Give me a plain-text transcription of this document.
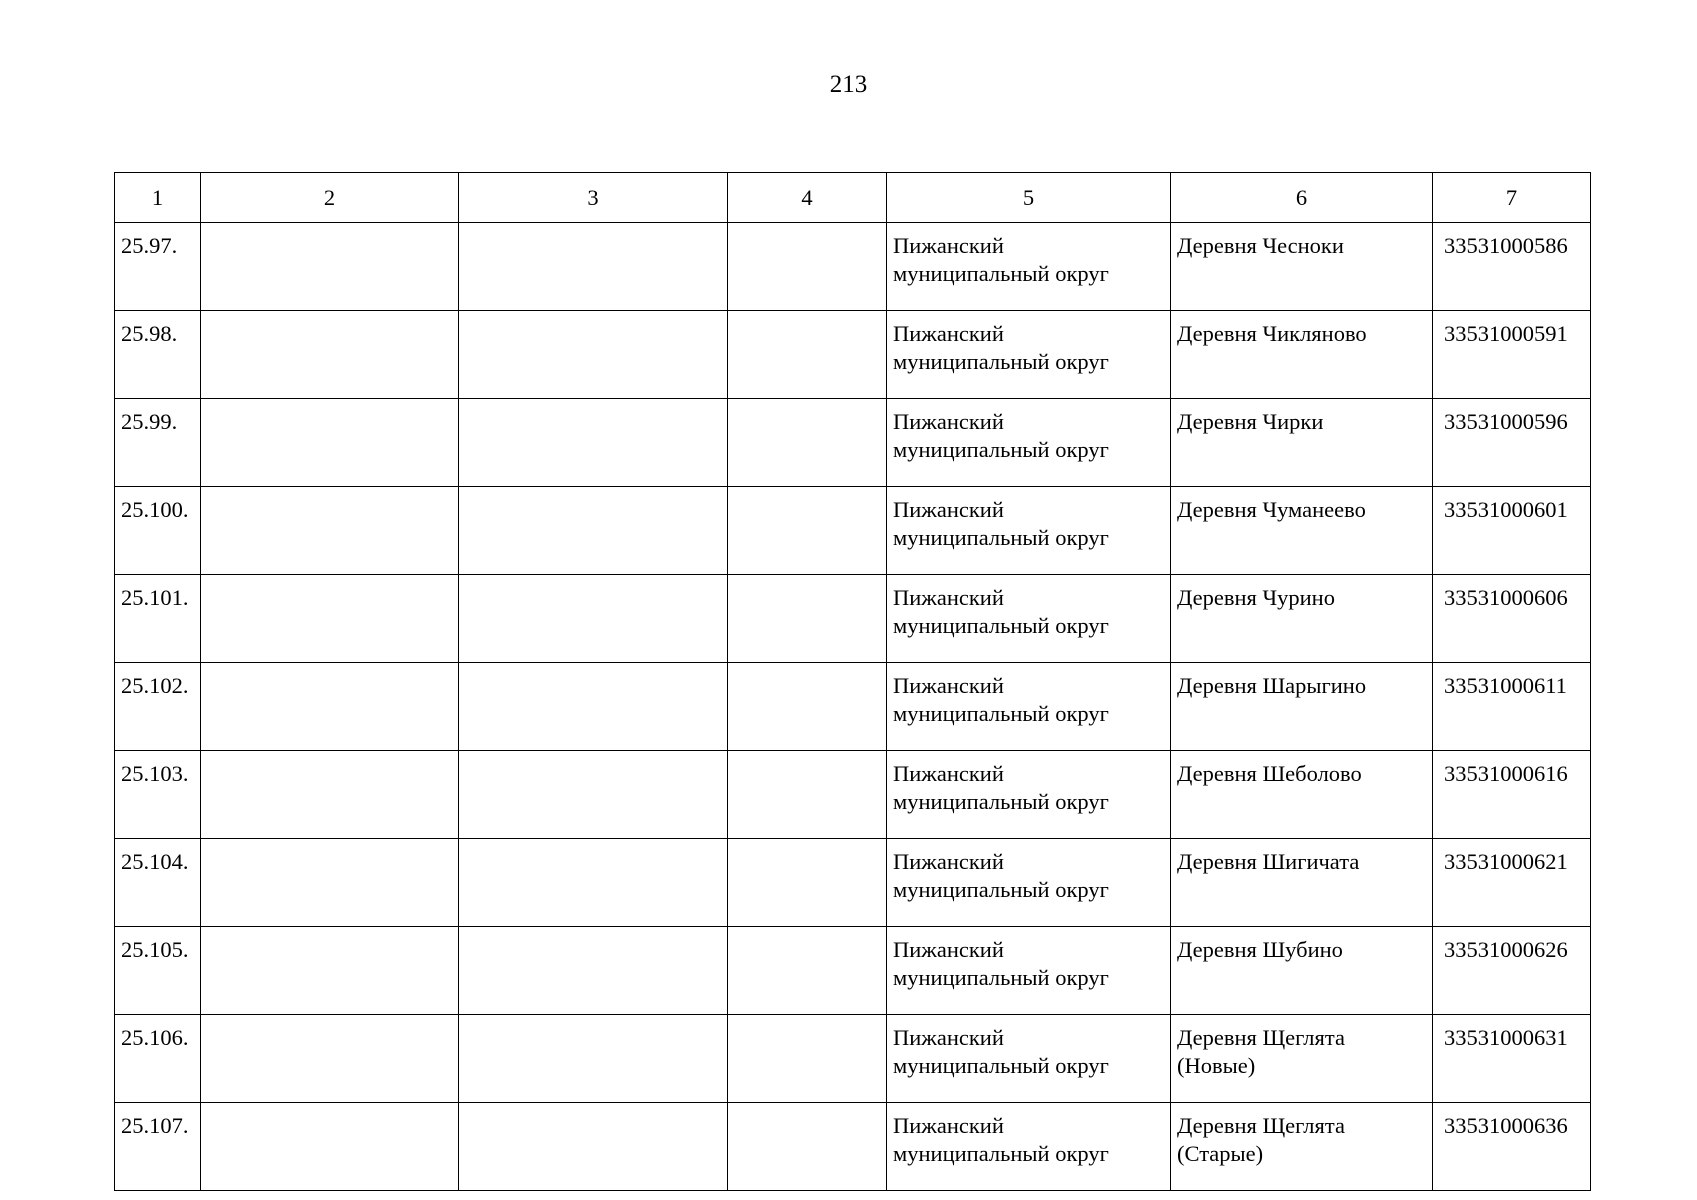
213
1	2	3	4	5	6	7
25.97.				Пижанский муниципальный округ	Деревня Чесноки	33531000586
25.98.				Пижанский муниципальный округ	Деревня Чикляново	33531000591
25.99.				Пижанский муниципальный округ	Деревня Чирки	33531000596
25.100.				Пижанский муниципальный округ	Деревня Чуманеево	33531000601
25.101.				Пижанский муниципальный округ	Деревня Чурино	33531000606
25.102.				Пижанский муниципальный округ	Деревня Шарыгино	33531000611
25.103.				Пижанский муниципальный округ	Деревня Шеболово	33531000616
25.104.				Пижанский муниципальный округ	Деревня Шигичата	33531000621
25.105.				Пижанский муниципальный округ	Деревня Шубино	33531000626
25.106.				Пижанский муниципальный округ	Деревня Щеглята (Новые)	33531000631
25.107.				Пижанский муниципальный округ	Деревня Щеглята (Старые)	33531000636
